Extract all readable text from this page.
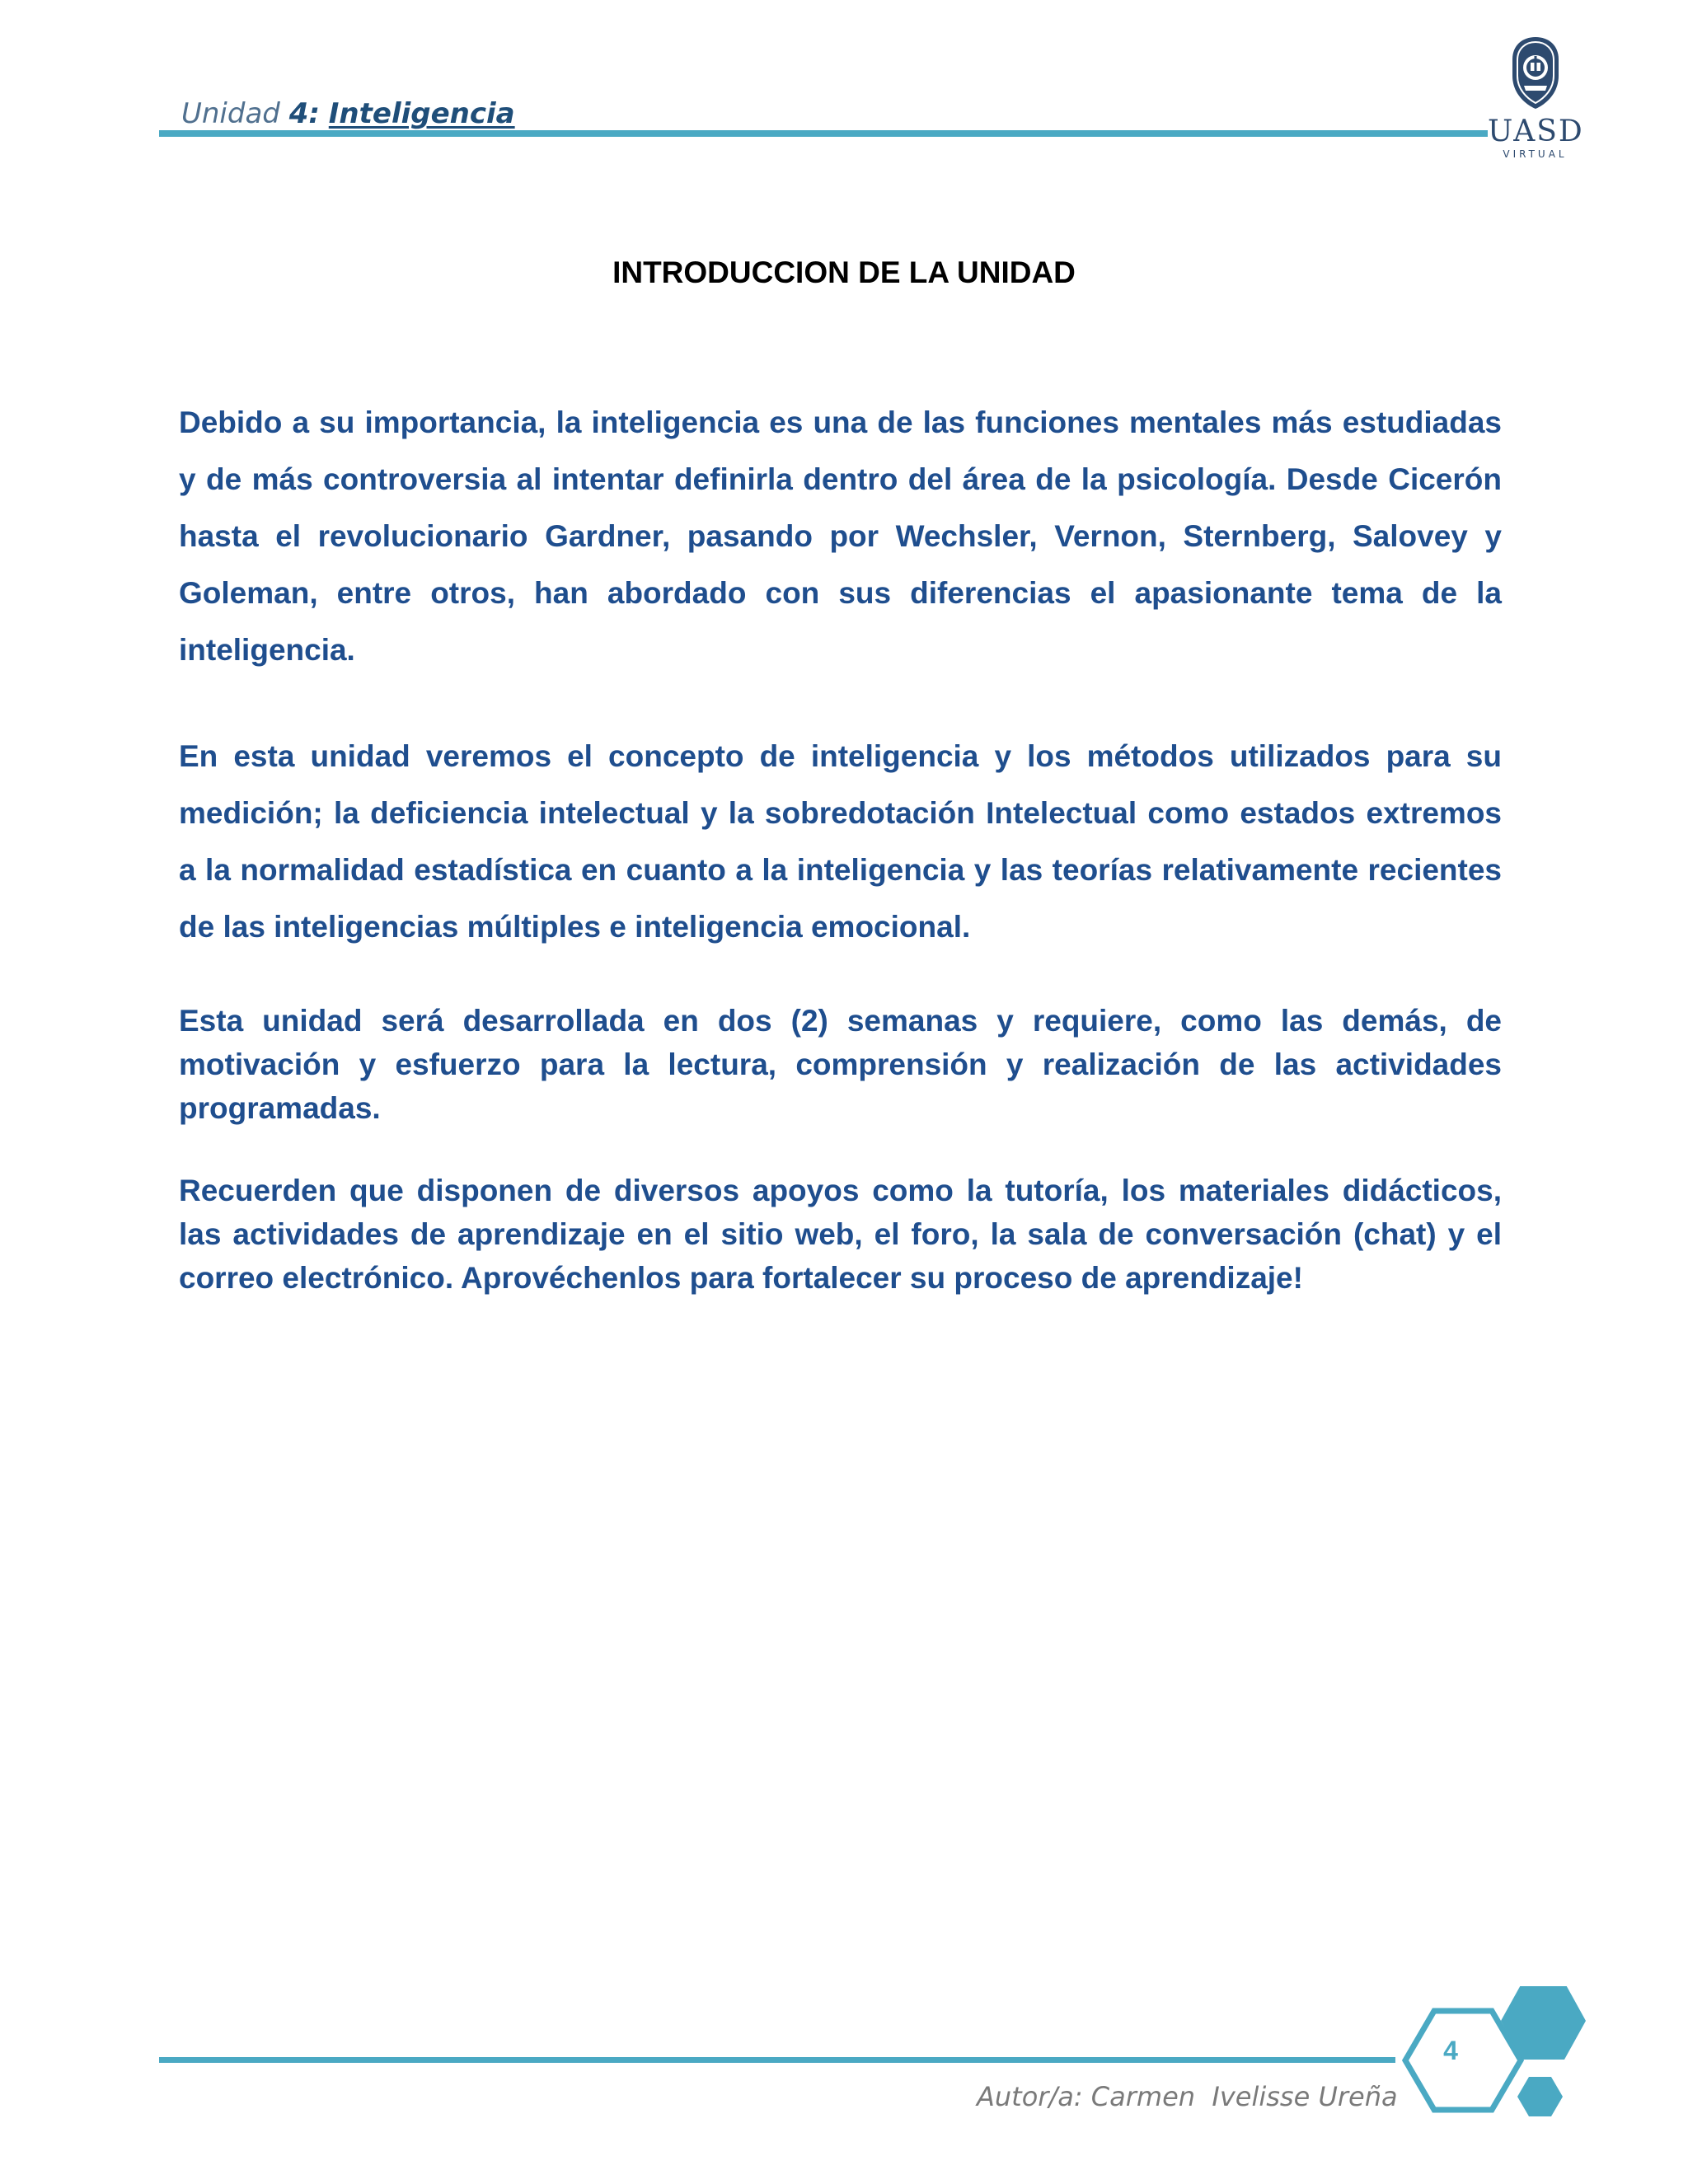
Unidad 4: Inteligencia
UASD
VIRTUAL
INTRODUCCION DE LA UNIDAD

Debido a su importancia, la inteligencia es una de las funciones mentales más estudiadas y de más controversia al intentar definirla dentro del área de la psicología. Desde Cicerón hasta el revolucionario Gardner, pasando por Wechsler, Vernon, Sternberg, Salovey y Goleman, entre otros, han abordado con sus diferencias el apasionante tema de la inteligencia.

En esta unidad veremos el concepto de inteligencia y los métodos utilizados para su medición; la deficiencia intelectual y la sobredotación Intelectual como estados extremos a la normalidad estadística en cuanto a la inteligencia y las teorías relativamente recientes de las inteligencias múltiples e inteligencia emocional.

Esta unidad será desarrollada en dos (2) semanas y requiere, como las demás, de motivación y esfuerzo para la lectura, comprensión y realización de las actividades programadas.

Recuerden que disponen de diversos apoyos como la tutoría, los materiales didácticos, las actividades de aprendizaje en el sitio web, el foro, la sala de conversación (chat) y el correo electrónico. Aprovéchenlos para fortalecer su proceso de aprendizaje!

4
Autor/a: Carmen  Ivelisse Ureña
